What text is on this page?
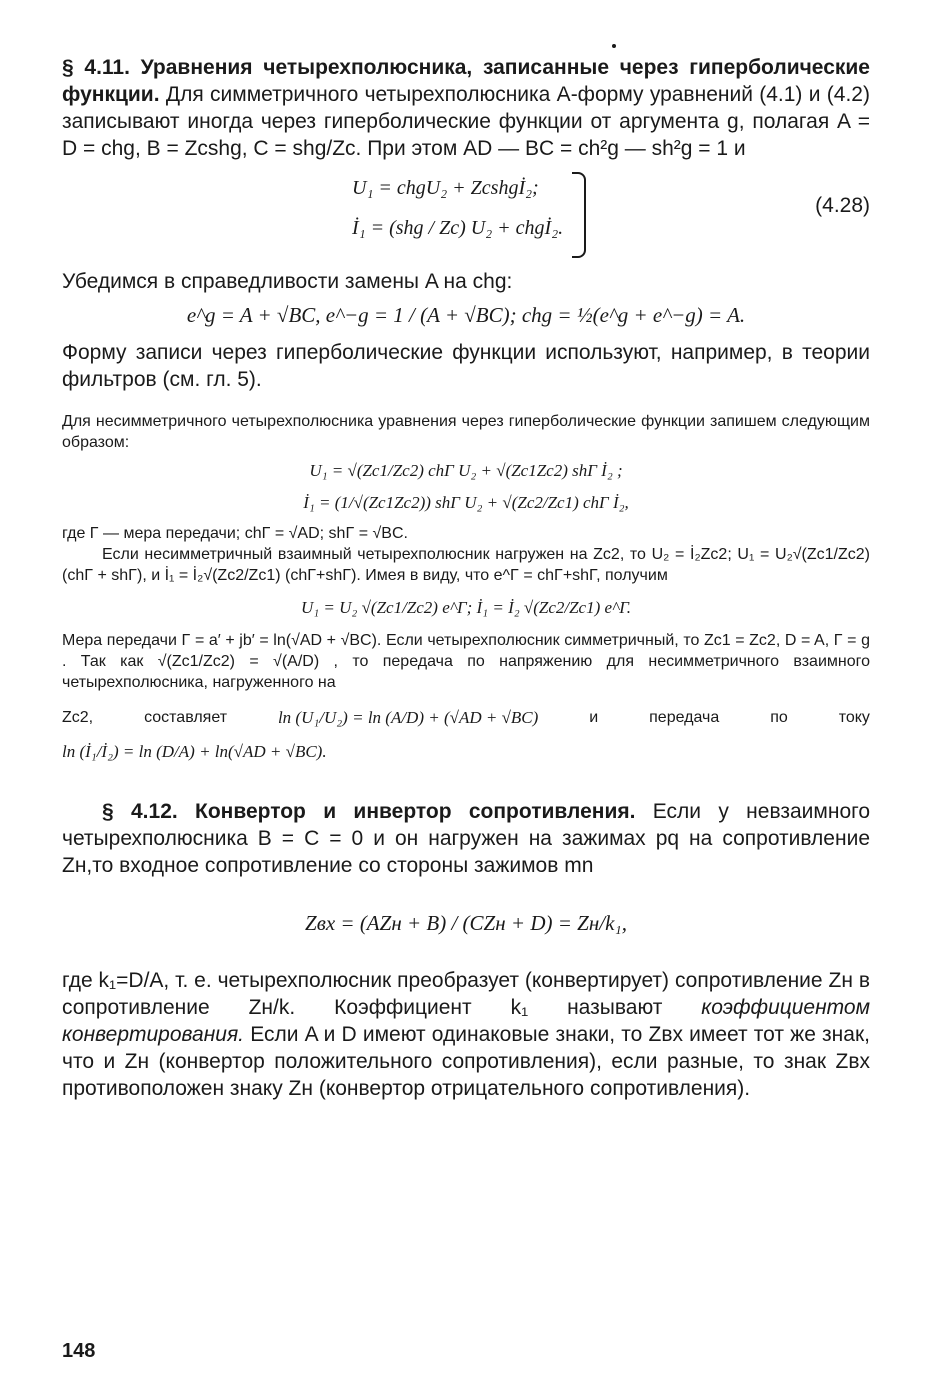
§ 4.11. Уравнения четырехполюсника, записанные через гиперболические функции. Для симметричного четырехполюсника A-форму уравнений (4.1) и (4.2) записывают иногда через гиперболические функции от аргумента g, полагая A = D = chg, B = Zcshg, C = shg/Zc. При этом AD — BC = ch²g — sh²g = 1 и

U₁ = chgU₂ + Zcshgİ₂;
İ₁ = (shg / Zc) U₂ + chgİ₂.
(4.28)

Убедимся в справедливости замены A на chg:

e^g = A + √BC, e^−g = 1 / (A + √BC); chg = ½(e^g + e^−g) = A.

Форму записи через гиперболические функции используют, например, в теории фильтров (см. гл. 5).

Для несимметричного четырехполюсника уравнения через гиперболические функции запишем следующим образом:

U₁ = √(Zc1/Zc2) chΓ U₂ + √(Zc1Zc2) shΓ İ₂ ;
İ₁ = (1/√(Zc1Zc2)) shΓ U₂ + √(Zc2/Zc1) chΓ İ₂,

где Γ — мера передачи; chΓ = √AD; shΓ = √BC.

Если несимметричный взаимный четырехполюсник нагружен на Zc2, то U₂ = İ₂Zc2; U₁ = U₂√(Zc1/Zc2)(chΓ + shΓ), и İ₁ = İ₂√(Zc2/Zc1) (chΓ+shΓ). Имея в виду, что e^Γ = chΓ+shΓ, получим

U₁ = U₂ √(Zc1/Zc2) e^Γ; İ₁ = İ₂ √(Zc2/Zc1) e^Γ.

Мера передачи Γ = a′ + jb′ = ln(√AD + √BC). Если четырехполюсник симметричный, то Zc1 = Zc2, D = A, Γ = g . Так как √(Zc1/Zc2) = √(A/D) , то передача по напряжению для несимметричного взаимного четырехполюсника, нагруженного на

Zc2,	составляет	ln (U₁/U₂) = ln (A/D) + (√AD + √BC)	и	передача	по	току
ln (İ₁/İ₂) = ln (D/A) + ln(√AD + √BC).

§ 4.12. Конвертор и инвертор сопротивления. Если у невзаимного четырехполюсника B = C = 0 и он нагружен на зажимах pq на сопротивление Zн,то входное сопротивление со стороны зажимов mn

Zвх = (AZн + B) / (CZн + D) = Zн/k₁,

где k₁=D/A, т. е. четырехполюсник преобразует (конвертирует) сопротивление Zн в сопротивление Zн/k. Коэффициент k₁ называют коэффициентом конвертирования. Если A и D имеют одинаковые знаки, то Zвх имеет тот же знак, что и Zн (конвертор положительного сопротивления), если разные, то знак Zвх противоположен знаку Zн (конвертор отрицательного сопротивления).

148
